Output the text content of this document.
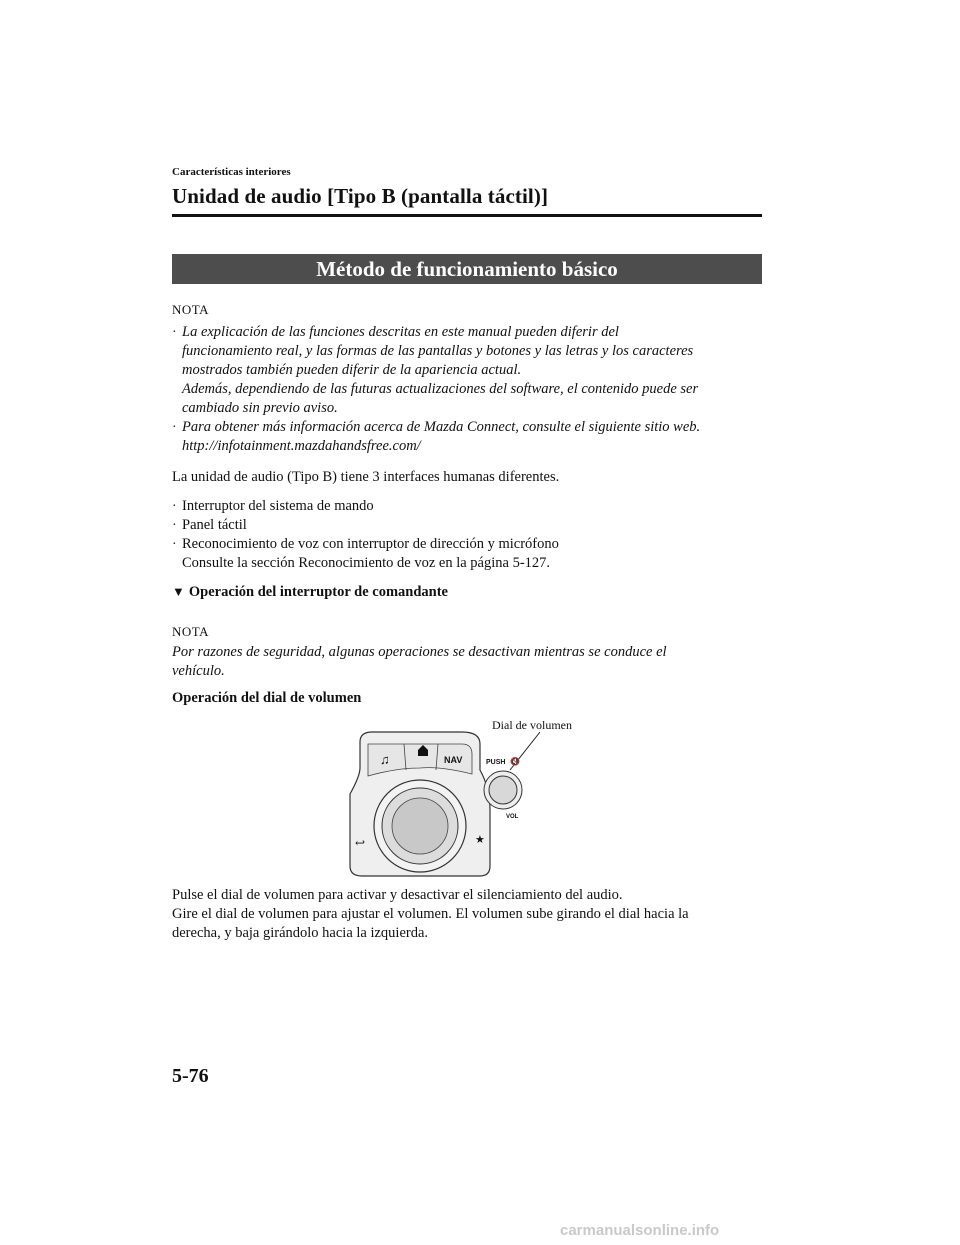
Características interiores
Unidad de audio [Tipo B (pantalla táctil)]
Método de funcionamiento básico
NOTA
· La explicación de las funciones descritas en este manual pueden diferir del
funcionamiento real, y las formas de las pantallas y botones y las letras y los caracteres
mostrados también pueden diferir de la apariencia actual.
Además, dependiendo de las futuras actualizaciones del software, el contenido puede ser
cambiado sin previo aviso.
· Para obtener más información acerca de Mazda Connect, consulte el siguiente sitio web.
http://infotainment.mazdahandsfree.com/
La unidad de audio (Tipo B) tiene 3 interfaces humanas diferentes.
· Interruptor del sistema de mando
· Panel táctil
· Reconocimiento de voz con interruptor de dirección y micrófono
Consulte la sección Reconocimiento de voz en la página 5-127.
▼ Operación del interruptor de comandante
NOTA
Por razones de seguridad, algunas operaciones se desactivan mientras se conduce el
vehículo.
Operación del dial de volumen
Dial de volumen
♫	NAV
↩	★
PUSH 🔇
VOL
Pulse el dial de volumen para activar y desactivar el silenciamiento del audio.
Gire el dial de volumen para ajustar el volumen. El volumen sube girando el dial hacia la
derecha, y baja girándolo hacia la izquierda.
5-76
carmanualsonline.info
